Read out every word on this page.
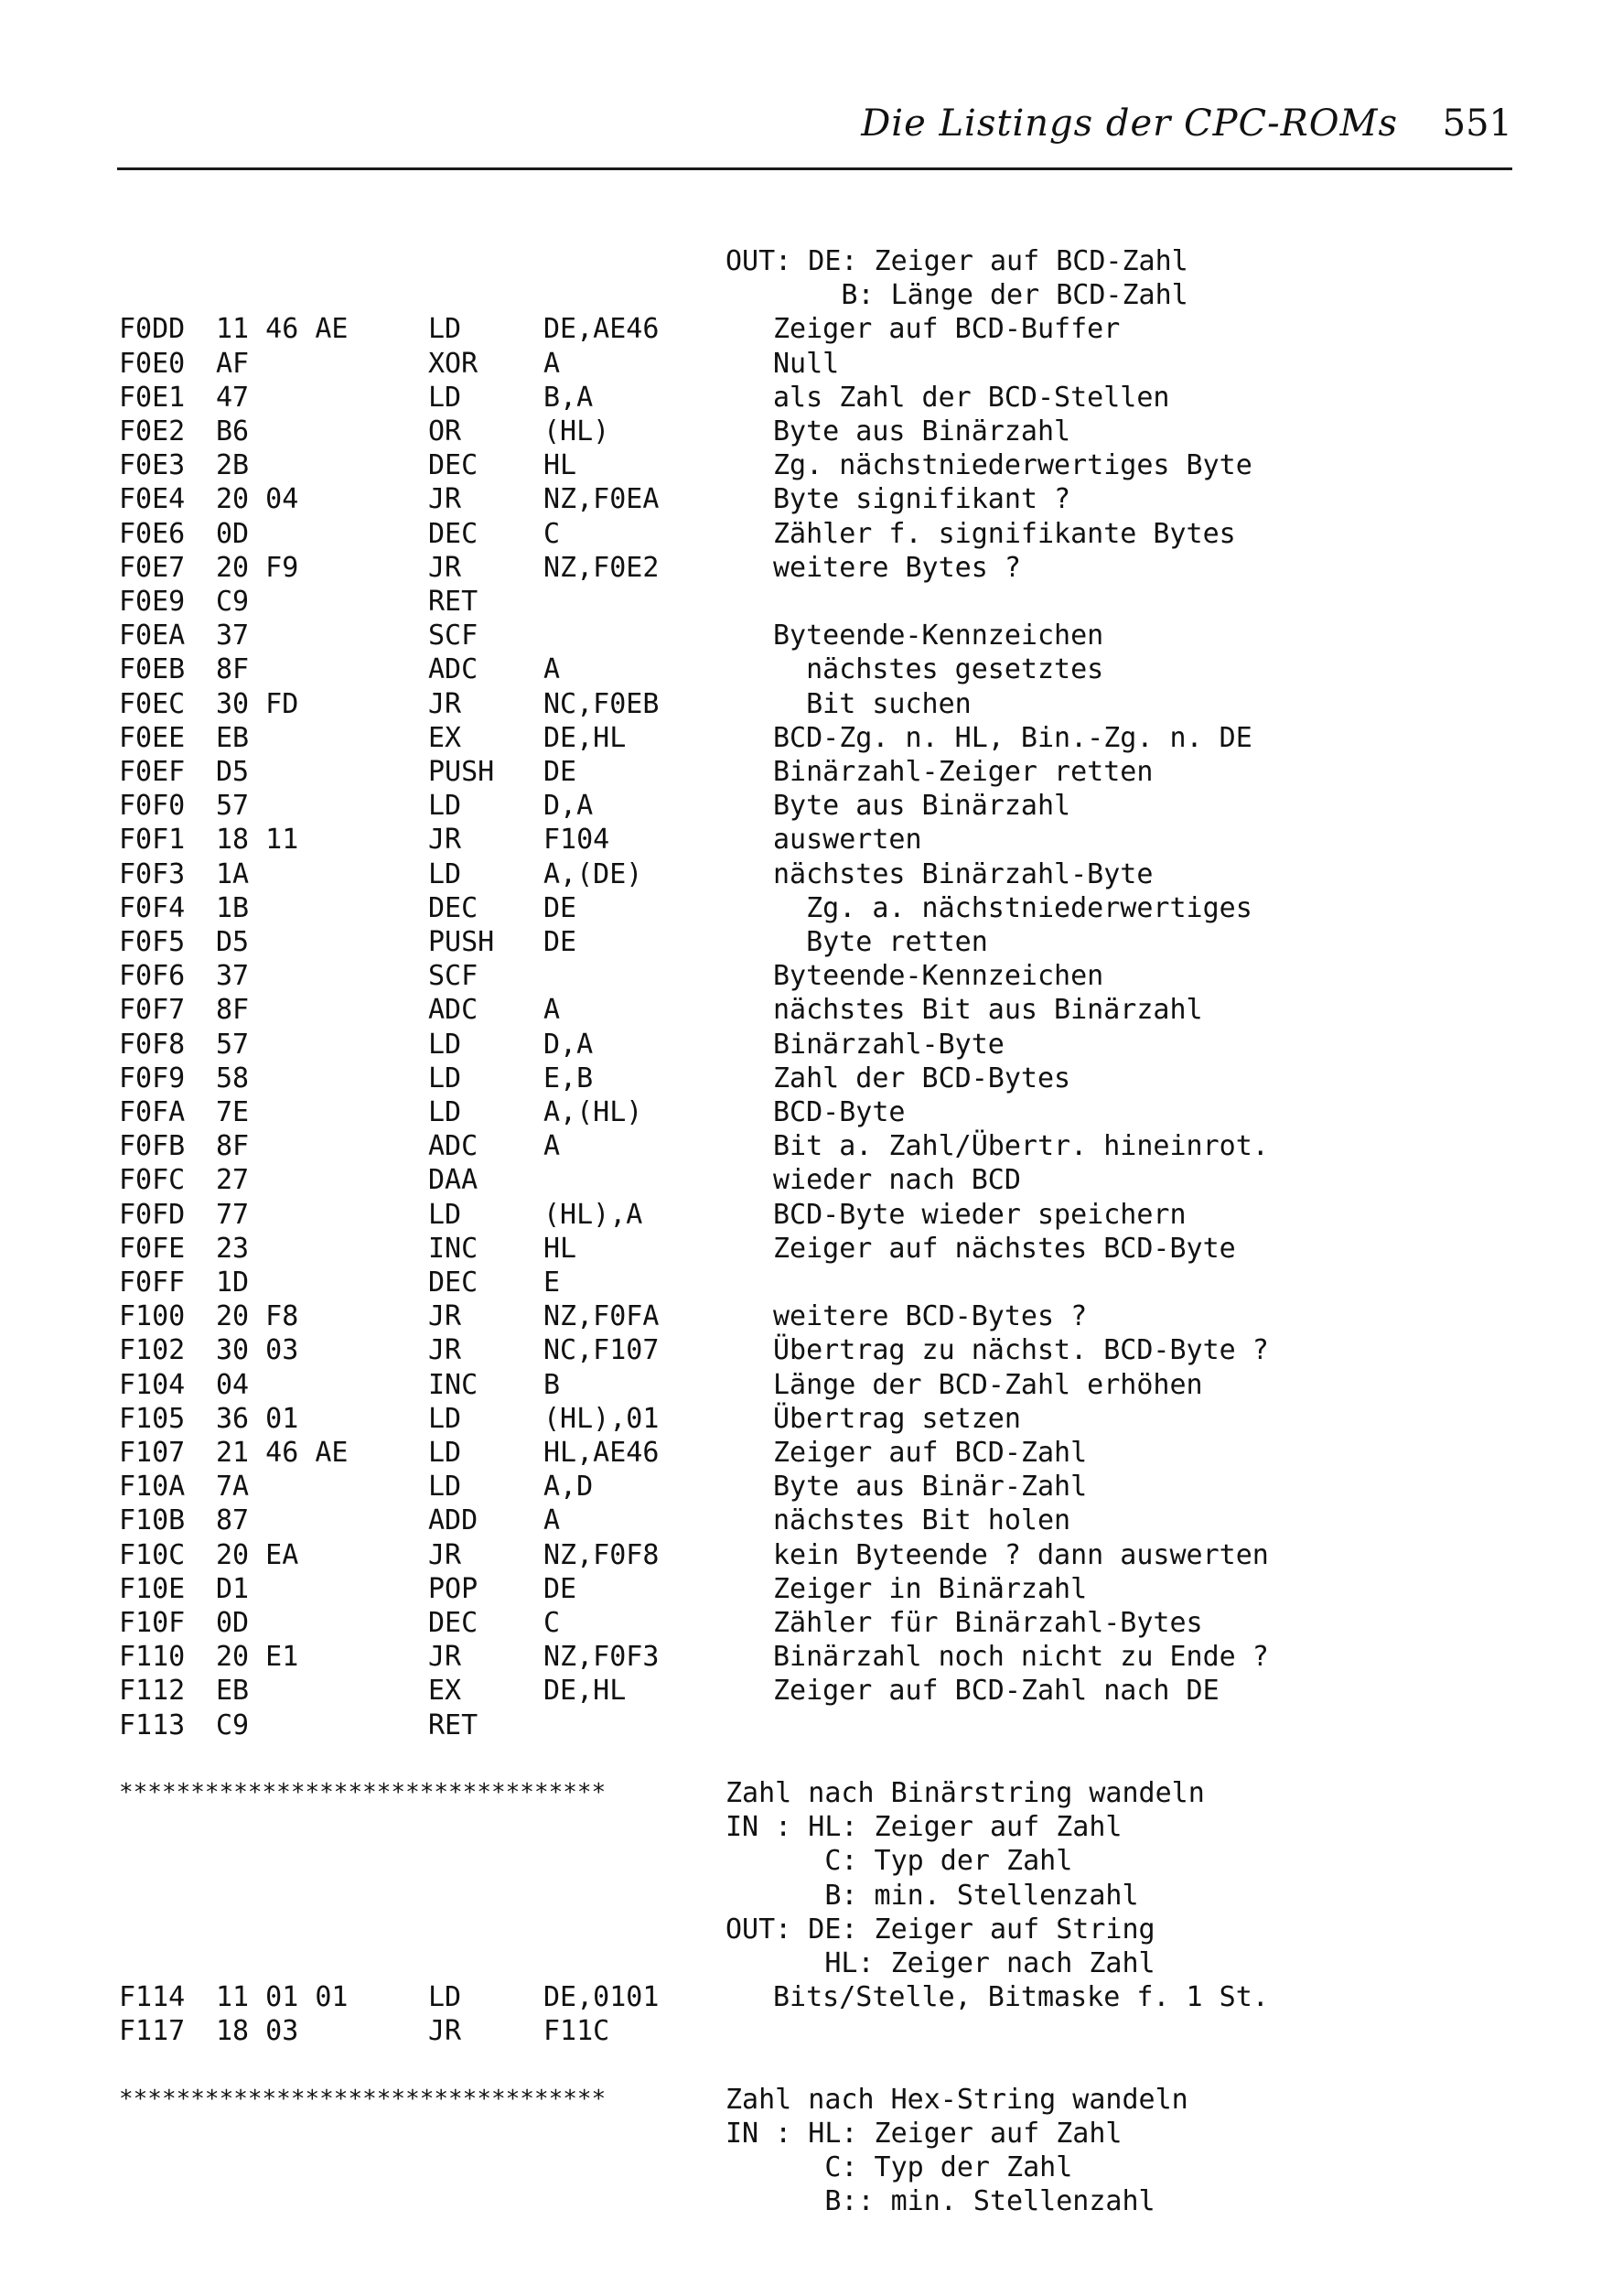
Die Listings der CPC-ROMs 551
OUT: DE: Zeiger auf BCD-Zahl
B: Länge der BCD-Zahl
F0DD 11 46 AE	LD	DE,AE46	Zeiger auf BCD-Buffer
F0E0 AF	XOR A	Null
F0E1 47	LD	B,A	als Zahl der BCD-Stellen
F0E2 B6	OR	(HL)	Byte aus Binärzahl
F0E3 2B	DEC HL	Zg. nächstniederwertiges Byte
F0E4 20 04	JR	NZ,F0EA	Byte signifikant ?
F0E6 0D	DEC C	Zähler f. signifikante Bytes
F0E7 20 F9	JR	NZ,F0E2	weitere Bytes ?
F0E9 C9	RET
F0EA 37	SCF	Byteende-Kennzeichen
F0EB 8F	ADC A	nächstes gesetztes
F0EC 30 FD	JR	NC,F0EB	Bit suchen
F0EE EB	EX	DE,HL	BCD-Zg. n. HL, Bin.-Zg. n. DE
F0EF D5	PUSH DE	Binärzahl-Zeiger retten
F0F0 57	LD	D,A	Byte aus Binärzahl
F0F1 18 11	JR	F104	auswerten
F0F3 1A	LD	A,(DE)	nächstes Binärzahl-Byte
F0F4 1B	DEC DE	Zg. a. nächstniederwertiges
F0F5 D5	PUSH DE	Byte retten
F0F6 37	SCF	Byteende-Kennzeichen
F0F7 8F	ADC A	nächstes Bit aus Binärzahl
F0F8 57	LD	D,A	Binärzahl-Byte
F0F9 58	LD	E,B	Zahl der BCD-Bytes
F0FA 7E	LD	A,(HL)	BCD-Byte
F0FB 8F	ADC A	Bit a. Zahl/Übertr. hineinrot.
F0FC 27	DAA	wieder nach BCD
F0FD 77	LD	(HL),A	BCD-Byte wieder speichern
F0FE 23	INC HL	Zeiger auf nächstes BCD-Byte
F0FF 1D	DEC E
F100 20 F8	JR	NZ,F0FA	weitere BCD-Bytes ?
F102 30 03	JR	NC,F107	Übertrag zu nächst. BCD-Byte ?
F104 04	INC B	Länge der BCD-Zahl erhöhen
F105 36 01	LD	(HL),01	Übertrag setzen
F107 21 46 AE	LD	HL,AE46	Zeiger auf BCD-Zahl
F10A 7A	LD	A,D	Byte aus Binär-Zahl
F10B 87	ADD A	nächstes Bit holen
F10C 20 EA	JR	NZ,F0F8	kein Byteende ? dann auswerten
F10E D1	POP DE	Zeiger in Binärzahl
F10F 0D	DEC C	Zähler für Binärzahl-Bytes
F110 20 E1	JR	NZ,F0F3	Binärzahl noch nicht zu Ende ?
F112 EB	EX	DE,HL	Zeiger auf BCD-Zahl nach DE
F113 C9	RET
**********************************	Zahl nach Binärstring wandeln
IN : HL: Zeiger auf Zahl
C: Typ der Zahl
B: min. Stellenzahl
OUT: DE: Zeiger auf String
HL: Zeiger nach Zahl
F114 11 01 01	LD	DE,0101	Bits/Stelle, Bitmaske f. 1 St.
F117 18 03	JR	F11C
**********************************	Zahl nach Hex-String wandeln
IN : HL: Zeiger auf Zahl
C: Typ der Zahl
B:: min. Stellenzahl
